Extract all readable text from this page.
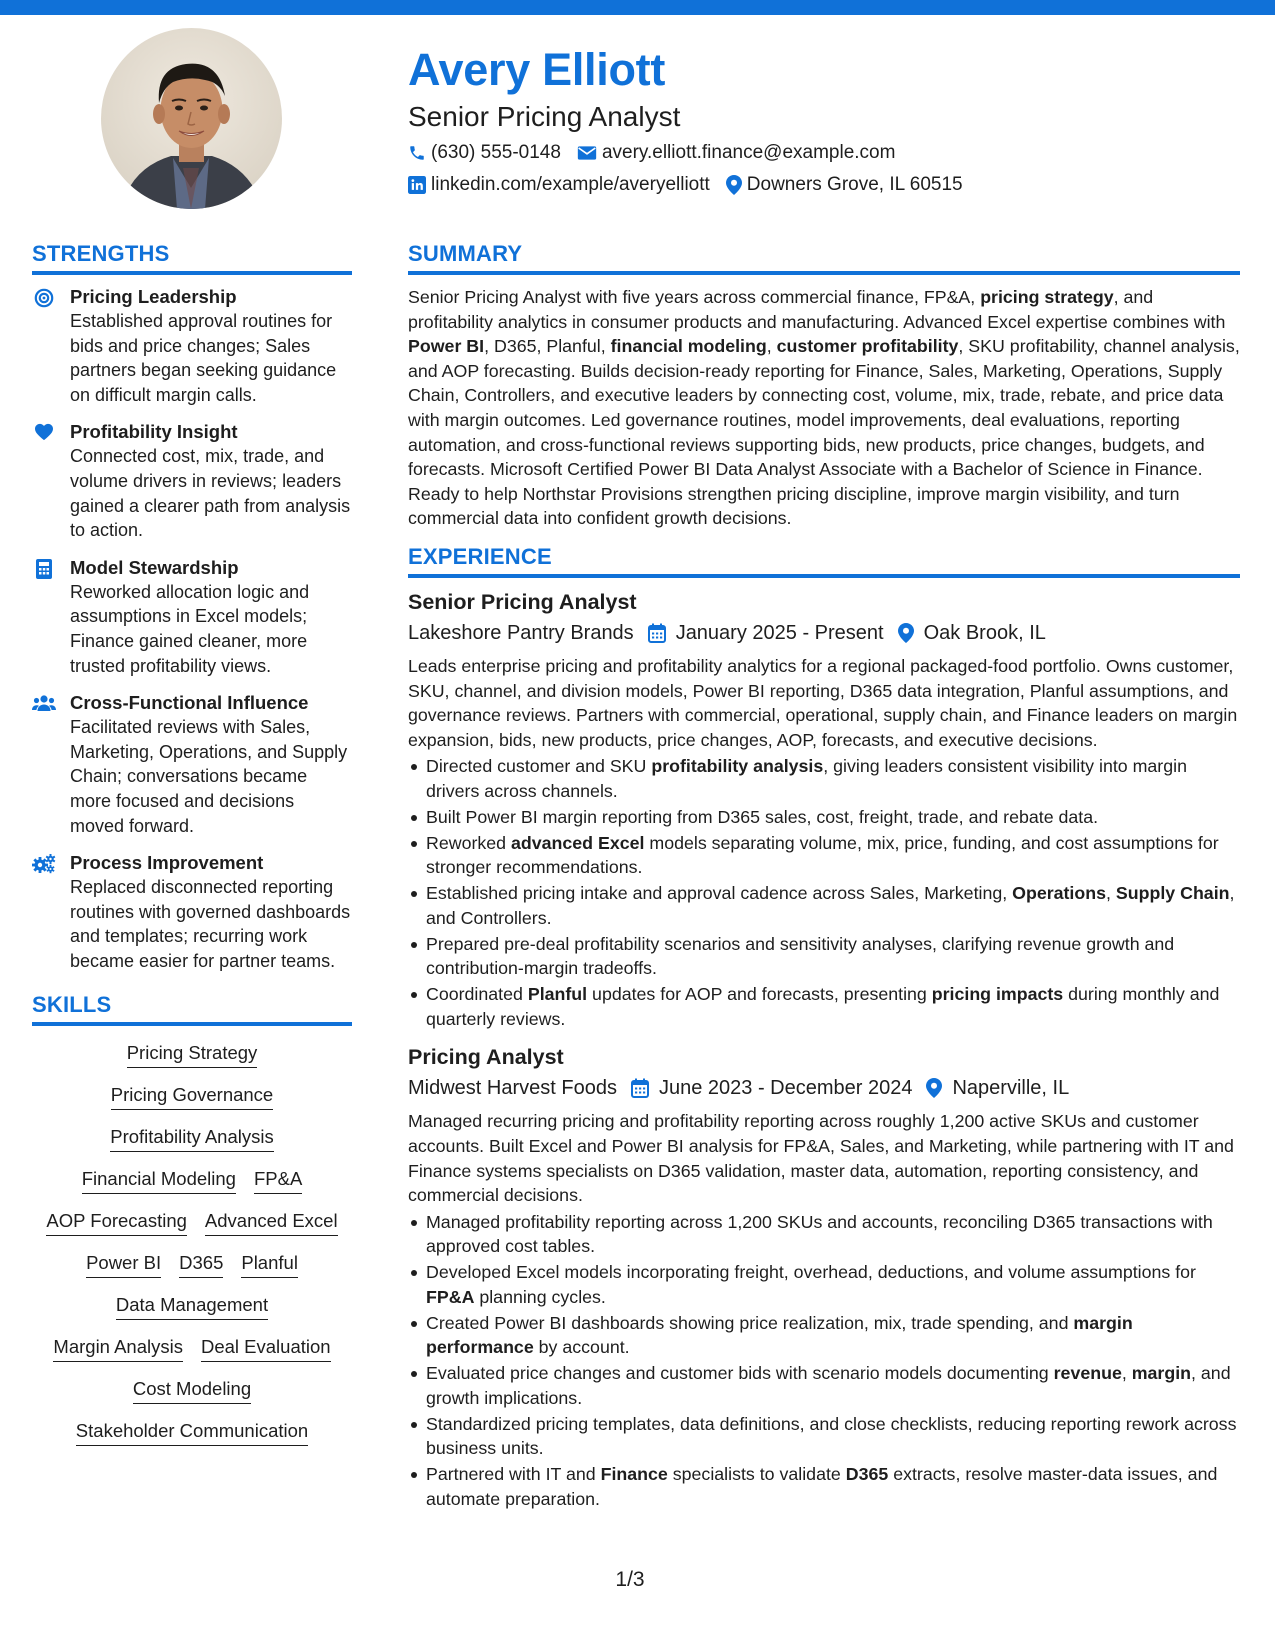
Avery Elliott
Senior Pricing Analyst
(630) 555-0148 avery.elliott.finance@example.com
linkedin.com/example/averyelliott Downers Grove, IL 60515
STRENGTHS
Pricing Leadership
Established approval routines for bids and price changes; Sales partners began seeking guidance on difficult margin calls.
Profitability Insight
Connected cost, mix, trade, and volume drivers in reviews; leaders gained a clearer path from analysis to action.
Model Stewardship
Reworked allocation logic and assumptions in Excel models; Finance gained cleaner, more trusted profitability views.
Cross-Functional Influence
Facilitated reviews with Sales, Marketing, Operations, and Supply Chain; conversations became more focused and decisions moved forward.
Process Improvement
Replaced disconnected reporting routines with governed dashboards and templates; recurring work became easier for partner teams.
SKILLS
Pricing Strategy
Pricing Governance
Profitability Analysis
Financial Modeling FP&A
AOP Forecasting Advanced Excel
Power BI D365 Planful
Data Management
Margin Analysis Deal Evaluation
Cost Modeling
Stakeholder Communication
SUMMARY

Senior Pricing Analyst with five years across commercial finance, FP&A, pricing strategy, and profitability analytics in consumer products and manufacturing. Advanced Excel expertise combines with Power BI, D365, Planful, financial modeling, customer profitability, SKU profitability, channel analysis, and AOP forecasting. Builds decision-ready reporting for Finance, Sales, Marketing, Operations, Supply Chain, Controllers, and executive leaders by connecting cost, volume, mix, trade, rebate, and price data with margin outcomes. Led governance routines, model improvements, deal evaluations, reporting automation, and cross-functional reviews supporting bids, new products, price changes, budgets, and forecasts. Microsoft Certified Power BI Data Analyst Associate with a Bachelor of Science in Finance. Ready to help Northstar Provisions strengthen pricing discipline, improve margin visibility, and turn commercial data into confident growth decisions.

EXPERIENCE
Senior Pricing Analyst
Lakeshore Pantry Brands January 2025 - Present Oak Brook, IL

Leads enterprise pricing and profitability analytics for a regional packaged-food portfolio. Owns customer, SKU, channel, and division models, Power BI reporting, D365 data integration, Planful assumptions, and governance reviews. Partners with commercial, operational, supply chain, and Finance leaders on margin expansion, bids, new products, price changes, AOP, forecasts, and executive decisions.

Directed customer and SKU profitability analysis, giving leaders consistent visibility into margin drivers across channels.
Built Power BI margin reporting from D365 sales, cost, freight, trade, and rebate data.
Reworked advanced Excel models separating volume, mix, price, funding, and cost assumptions for stronger recommendations.
Established pricing intake and approval cadence across Sales, Marketing, Operations, Supply Chain, and Controllers.
Prepared pre-deal profitability scenarios and sensitivity analyses, clarifying revenue growth and contribution-margin tradeoffs.
Coordinated Planful updates for AOP and forecasts, presenting pricing impacts during monthly and quarterly reviews.
Pricing Analyst
Midwest Harvest Foods June 2023 - December 2024 Naperville, IL

Managed recurring pricing and profitability reporting across roughly 1,200 active SKUs and customer accounts. Built Excel and Power BI analysis for FP&A, Sales, and Marketing, while partnering with IT and Finance systems specialists on D365 validation, master data, automation, reporting consistency, and commercial decisions.

Managed profitability reporting across 1,200 SKUs and accounts, reconciling D365 transactions with approved cost tables.
Developed Excel models incorporating freight, overhead, deductions, and volume assumptions for FP&A planning cycles.
Created Power BI dashboards showing price realization, mix, trade spending, and margin performance by account.
Evaluated price changes and customer bids with scenario models documenting revenue, margin, and growth implications.
Standardized pricing templates, data definitions, and close checklists, reducing reporting rework across business units.
Partnered with IT and Finance specialists to validate D365 extracts, resolve master-data issues, and automate preparation.
1/3
